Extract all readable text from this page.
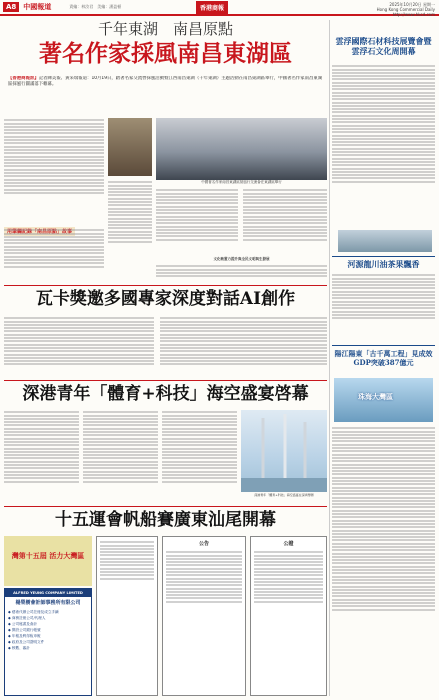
A8	中國報道	責編：林汝君　美編：潘盈頓	香港商報
2025年10月20日 星期一
Hong Kong Commercial Daily
http://www.hkcd.com
千年東湖　南昌原點
著名作家採風南昌東湖區
【香港商報訊】記者陳美報、黃采瑞報道：10月19日，踏著名家交流營採風活動暨江西南昌東湖（千年東湖）主題活動在南昌東湖區舉行，中國著名作家南昌東湖區採風行圓滿落下帷幕。
用筆觸記錄「南昌原點」故事
中國著名作家南昌東湖區採風行交流會在東湖區舉行
文化軟實力提升與全民文明與生發展
瓦卡獎邀多國專家深度對話AI創作
深港青年「體育+科技」海空盛宴啓幕
深港青年「體育+科技」海空盛宴在深圳舉辦
十五運會帆船賽廣東汕尾開幕
灣第十五屆 活力大灣區
ALFRED YEUNG COMPANY LIMITED
楊榮樹會計師事務所有限公司
◆ 藝術代辦公司註冊及成立手續
◆ 商務註冊公司/代理人
◆ 公司秘書及會計
◆ 開設公司銀行帳號
◆ 年報及利得稅申報
◆ 政府及公司證明文件
◆ 核數、審計
公告	公證
雲浮國際石材科技展覽會暨雲浮石文化周開幕
河源龍川油茶果飄香
陽江陽東「古千萬工程」見成效 GDP突破387億元
珠海大灣區
